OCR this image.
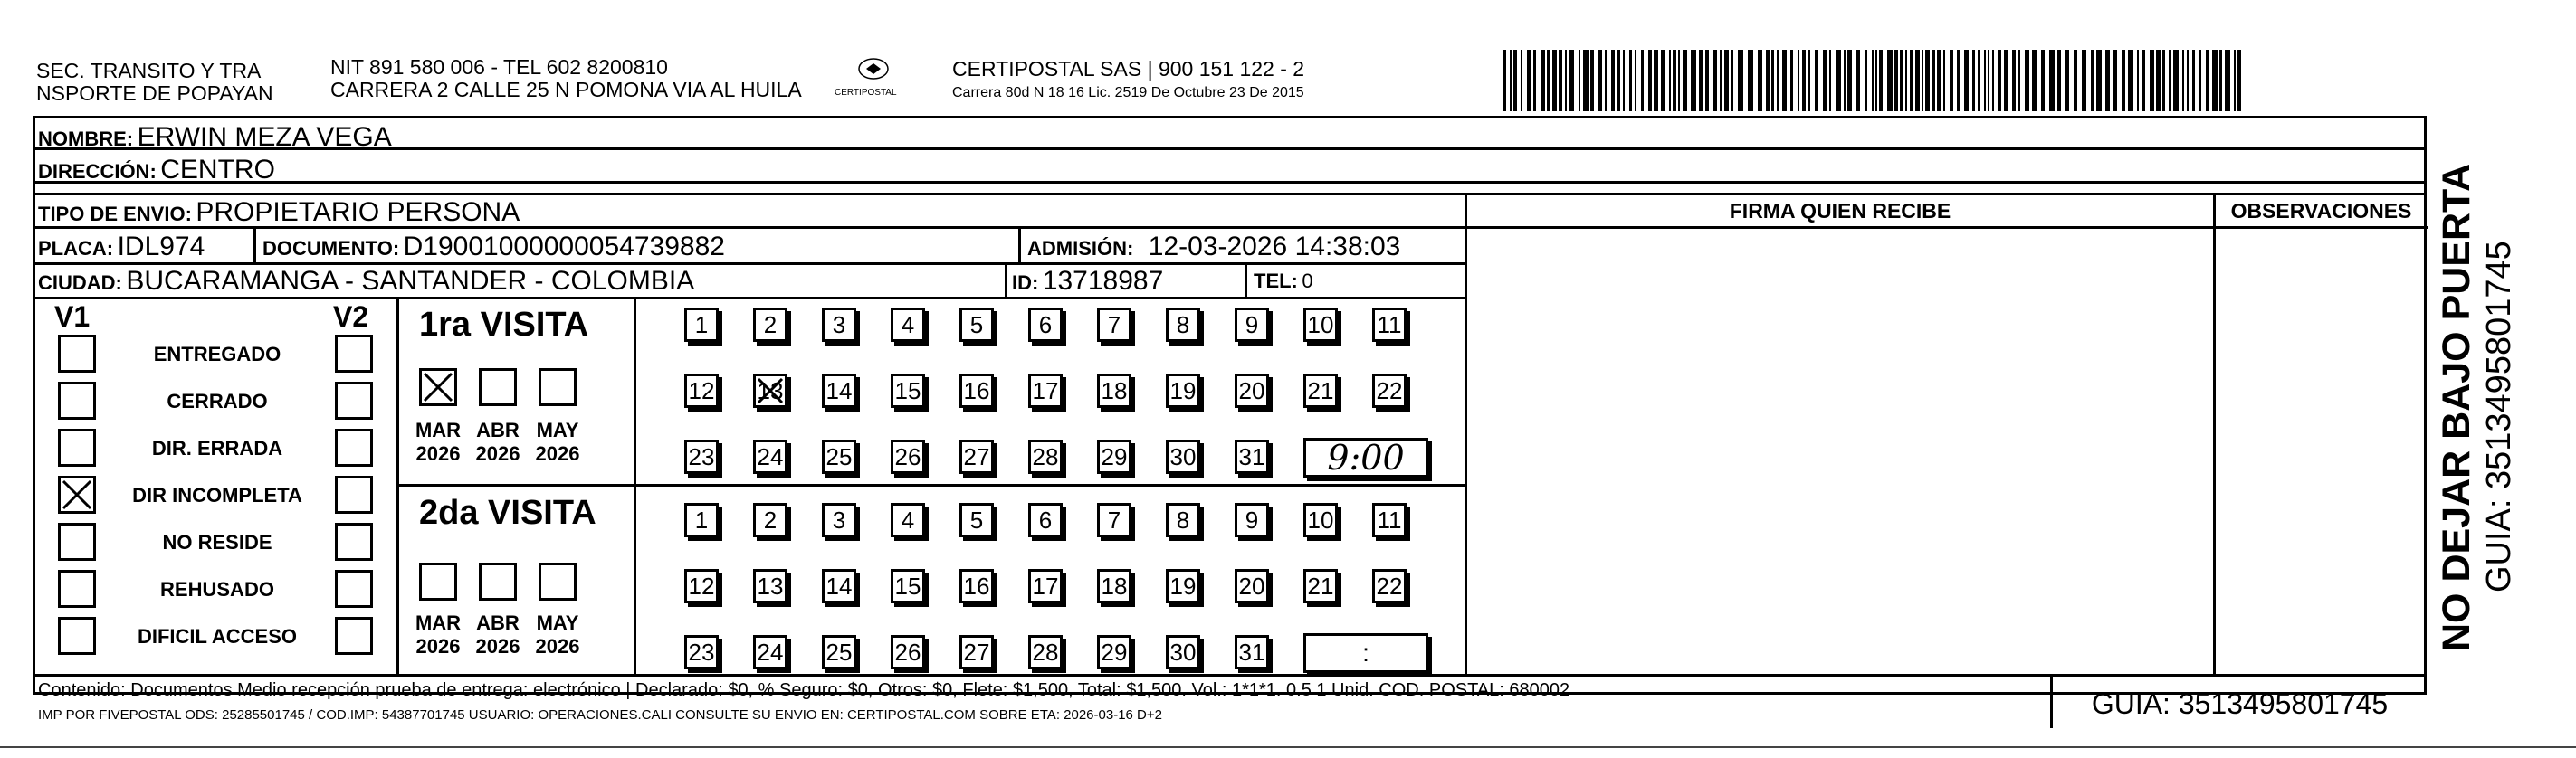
SEC. TRANSITO Y TRA
NSPORTE DE POPAYAN
NIT 891 580 006 - TEL 602 8200810
CARRERA 2 CALLE 25 N POMONA VIA AL HUILA	CERTIPOSTAL
CERTIPOSTAL SAS | 900 151 122 - 2
Carrera 80d N 18 16 Lic. 2519 De Octubre 23 De 2015
NOMBRE: ERWIN MEZA VEGA
DIRECCIÓN: CENTRO
TIPO DE ENVIO: PROPIETARIO PERSONA
PLACA: IDL974	DOCUMENTO: D19001000000054739882	ADMISIÓN: 12-03-2026 14:38:03
CIUDAD: BUCARAMANGA - SANTANDER - COLOMBIA	ID: 13718987	TEL: 0
FIRMA QUIEN RECIBE	OBSERVACIONES
V1	V2
ENTREGADO
CERRADO
DIR. ERRADA
DIR INCOMPLETA
NO RESIDE
REHUSADO
DIFICIL ACCESO
1ra VISITA
2da VISITA
MAR
2026
ABR
2026
MAY
2026
MAR
2026
ABR
2026
MAY
2026
1	2	3	4	5	6	7	8	9	10 11
12 13 14 15 16 17 18 19 20 21 22
23 24 25 26 27 28 29 30 31	9:00
1	2	3	4	5	6	7	8	9	10 11
12 13 14 15 16 17 18 19 20 21 22
23 24 25 26 27 28 29 30 31	:
Contenido: Documentos Medio recepción prueba de entrega: electrónico | Declarado: $0, % Seguro: $0, Otros: $0, Flete: $1,500, Total: $1,500. Vol.: 1*1*1. 0.5 1 Unid. COD. POSTAL: 680002
IMP POR FIVEPOSTAL ODS: 25285501745 / COD.IMP: 54387701745 USUARIO: OPERACIONES.CALI CONSULTE SU ENVIO EN: CERTIPOSTAL.COM SOBRE ETA: 2026-03-16 D+2	GUIA: 3513495801745
NO DEJAR BAJO PUERTA GUIA: 3513495801745
